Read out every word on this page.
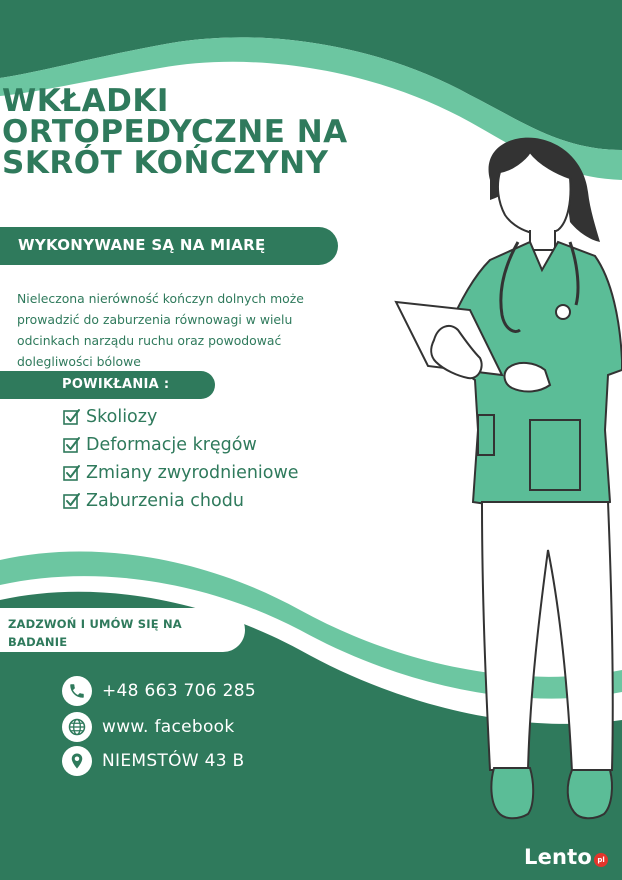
WKŁADKI
ORTOPEDYCZNE NA
SKRÓT KOŃCZYNY
WYKONYWANE SĄ NA MIARĘ
Nieleczona nierówność kończyn dolnych może prowadzić do zaburzenia równowagi w wielu odcinkach narządu ruchu oraz powodować dolegliwości bólowe
POWIKŁANIA :
Skoliozy
Deformacje kręgów
Zmiany zwyrodnieniowe
Zaburzenia chodu
ZADZWOŃ I UMÓW SIĘ NA
BADANIE
+48 663 706 285
www. facebook
NIEMSTÓW 43 B
Lento pl
